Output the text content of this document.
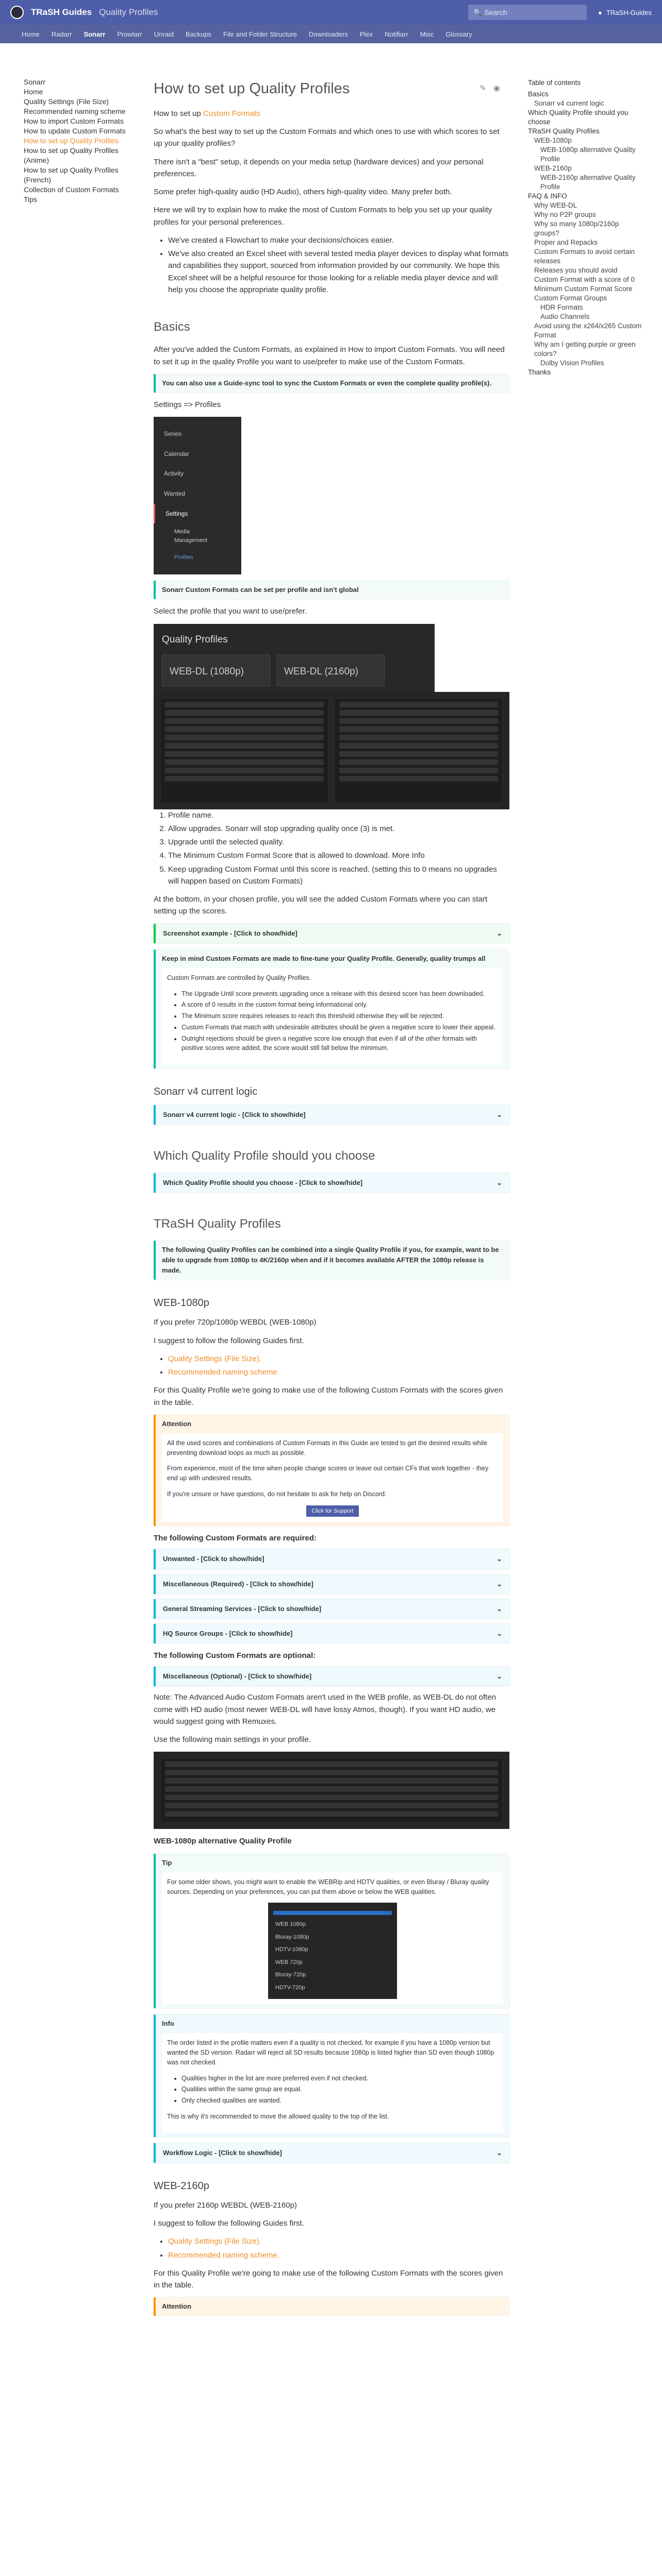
TRaSH Guides Quality Profiles	🔍 Search	● TRaSH-Guides
Home Radarr Sonarr Prowlarr Unraid Backups File and Folder Structure Downloaders Plex Notifiarr Misc Glossary
Sonarr
Home
Quality Settings (File Size)
Recommended naming scheme
How to import Custom Formats
How to update Custom Formats
How to set up Quality Profiles
How to set up Quality Profiles (Anime)
How to set up Quality Profiles (French)
Collection of Custom Formats
Tips
Table of contents
Basics
Sonarr v4 current logic
Which Quality Profile should you choose
TRaSH Quality Profiles
WEB-1080p
WEB-1080p alternative Quality Profile
WEB-2160p
WEB-2160p alternative Quality Profile
FAQ & INFO
Why WEB-DL
Why no P2P groups
Why so many 1080p/2160p groups?
Proper and Repacks
Custom Formats to avoid certain releases
Releases you should avoid
Custom Format with a score of 0
Minimum Custom Format Score
Custom Format Groups
HDR Formats
Audio Channels
Avoid using the x264/x265 Custom Format
Why am I getting purple or green colors?
Dolby Vision Profiles
Thanks
✎ ◉
How to set up Quality Profiles

How to set up Custom Formats

So what's the best way to set up the Custom Formats and which ones to use with which scores to set up your quality profiles?

There isn't a "best" setup, it depends on your media setup (hardware devices) and your personal preferences.

Some prefer high-quality audio (HD Audio), others high-quality video. Many prefer both.

Here we will try to explain how to make the most of Custom Formats to help you set up your quality profiles for your personal preferences.

• We've created a Flowchart to make your decisions/choices easier.
• We've also created an Excel sheet with several tested media player devices to display what formats and capabilities they support, sourced from information provided by our community. We hope this Excel sheet will be a helpful resource for those looking for a reliable media player device and will help you choose the appropriate quality profile.
Basics

After you've added the Custom Formats, as explained in How to import Custom Formats. You will need to set it up in the quality Profile you want to use/prefer to make use of the Custom Formats.

You can also use a Guide-sync tool to sync the Custom Formats or even the complete quality profile(s).

Settings => Profiles

Series
Calendar
Activity
Wanted
Settings
Media Management
Profiles
Sonarr Custom Formats can be set per profile and isn't global

Select the profile that you want to use/prefer.

Quality Profiles
WEB-DL (1080p)	WEB-DL (2160p)
1. Profile name.
2. Allow upgrades. Sonarr will stop upgrading quality once (3) is met.
3. Upgrade until the selected quality.
4. The Minimum Custom Format Score that is allowed to download. More Info
5. Keep upgrading Custom Format until this score is reached. (setting this to 0 means no upgrades will happen based on Custom Formats)

At the bottom, in your chosen profile, you will see the added Custom Formats where you can start setting up the scores.

Screenshot example - [Click to show/hide]	⌄
Keep in mind Custom Formats are made to fine-tune your Quality Profile. Generally, quality trumps all

Custom Formats are controlled by Quality Profiles.

• The Upgrade Until score prevents upgrading once a release with this desired score has been downloaded.
• A score of 0 results in the custom format being informational only.
• The Minimum score requires releases to reach this threshold otherwise they will be rejected.
• Custom Formats that match with undesirable attributes should be given a negative score to lower their appeal.
• Outright rejections should be given a negative score low enough that even if all of the other formats with positive scores were added, the score would still fall below the minimum.
Sonarr v4 current logic
Sonarr v4 current logic - [Click to show/hide]	⌄
Which Quality Profile should you choose
Which Quality Profile should you choose - [Click to show/hide]	⌄
TRaSH Quality Profiles
The following Quality Profiles can be combined into a single Quality Profile if you, for example, want to be able to upgrade from 1080p to 4K/2160p when and if it becomes available AFTER the 1080p release is made.
WEB-1080p

If you prefer 720p/1080p WEBDL (WEB-1080p)

I suggest to follow the following Guides first.

• Quality Settings (File Size).
• Recommended naming scheme.

For this Quality Profile we're going to make use of the following Custom Formats with the scores given in the table.

Attention

All the used scores and combinations of Custom Formats in this Guide are tested to get the desired results while preventing download loops as much as possible.

From experience, most of the time when people change scores or leave out certain CFs that work together - they end up with undesired results.

If you're unsure or have questions, do not hesitate to ask for help on Discord.

Click for Support
The following Custom Formats are required:
Unwanted - [Click to show/hide]	⌄
Miscellaneous (Required) - [Click to show/hide]	⌄
General Streaming Services - [Click to show/hide]	⌄
HQ Source Groups - [Click to show/hide]	⌄
The following Custom Formats are optional:
Miscellaneous (Optional) - [Click to show/hide]	⌄

Note: The Advanced Audio Custom Formats aren't used in the WEB profile, as WEB-DL do not often come with HD audio (most newer WEB-DL will have lossy Atmos, though). If you want HD audio, we would suggest going with Remuxes.

Use the following main settings in your profile.

WEB-1080p alternative Quality Profile
Tip

For some older shows, you might want to enable the WEBRip and HDTV qualities, or even Bluray / Bluray quality sources. Depending on your preferences, you can put them above or below the WEB qualities.

WEB 1080p
Bluray-1080p
HDTV-1080p
WEB 720p
Bluray-720p
HDTV-720p
Info

The order listed in the profile matters even if a quality is not checked, for example if you have a 1080p version but wanted the SD version. Radarr will reject all SD results because 1080p is listed higher than SD even though 1080p was not checked.

• Qualities higher in the list are more preferred even if not checked.
• Qualities within the same group are equal.
• Only checked qualities are wanted.

This is why it's recommended to move the allowed quality to the top of the list.

Workflow Logic - [Click to show/hide]	⌄
WEB-2160p

If you prefer 2160p WEBDL (WEB-2160p)

I suggest to follow the following Guides first.

• Quality Settings (File Size).
• Recommended naming scheme.

For this Quality Profile we're going to make use of the following Custom Formats with the scores given in the table.

Attention
